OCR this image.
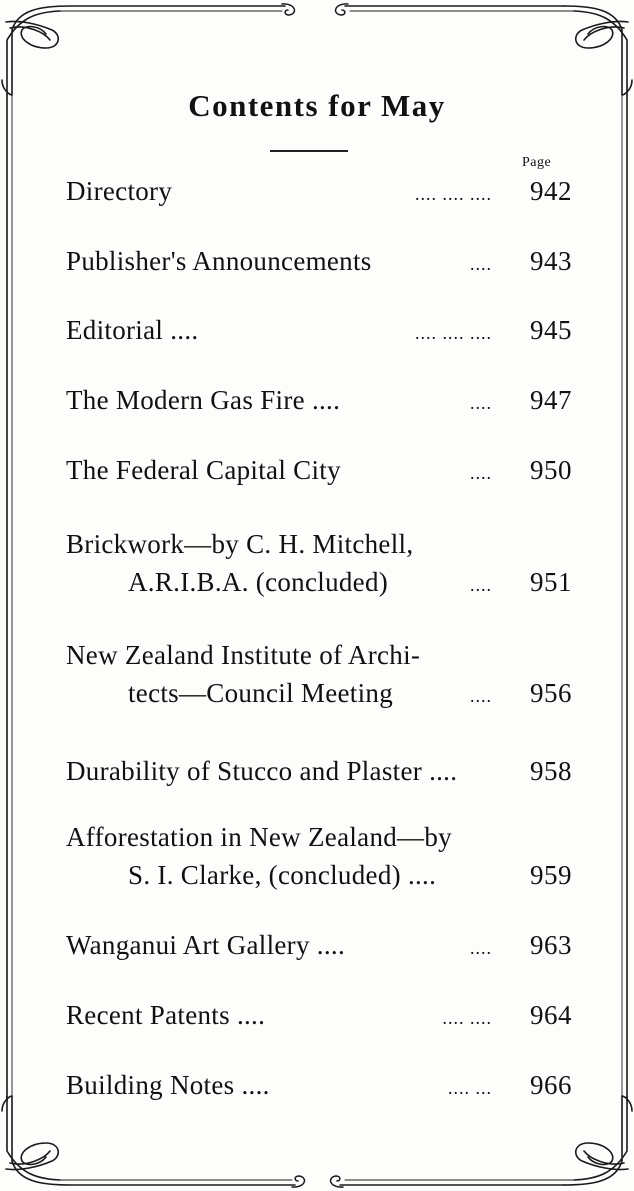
Contents for May
Page
Directory	.... .... ....	942
Publisher's Announcements	....	943
Editorial ....	.... .... ....	945
The Modern Gas Fire ....	....	947
The Federal Capital City	....	950
Brickwork—by C. H. Mitchell,
A.R.I.B.A. (concluded)	....	951
New Zealand Institute of Archi-
tects—Council Meeting	....	956
Durability of Stucco and Plaster ....	958
Afforestation in New Zealand—by
S. I. Clarke, (concluded) ....	959
Wanganui Art Gallery ....	....	963
Recent Patents ....	.... ....	964
Building Notes ....	.... ...	966
